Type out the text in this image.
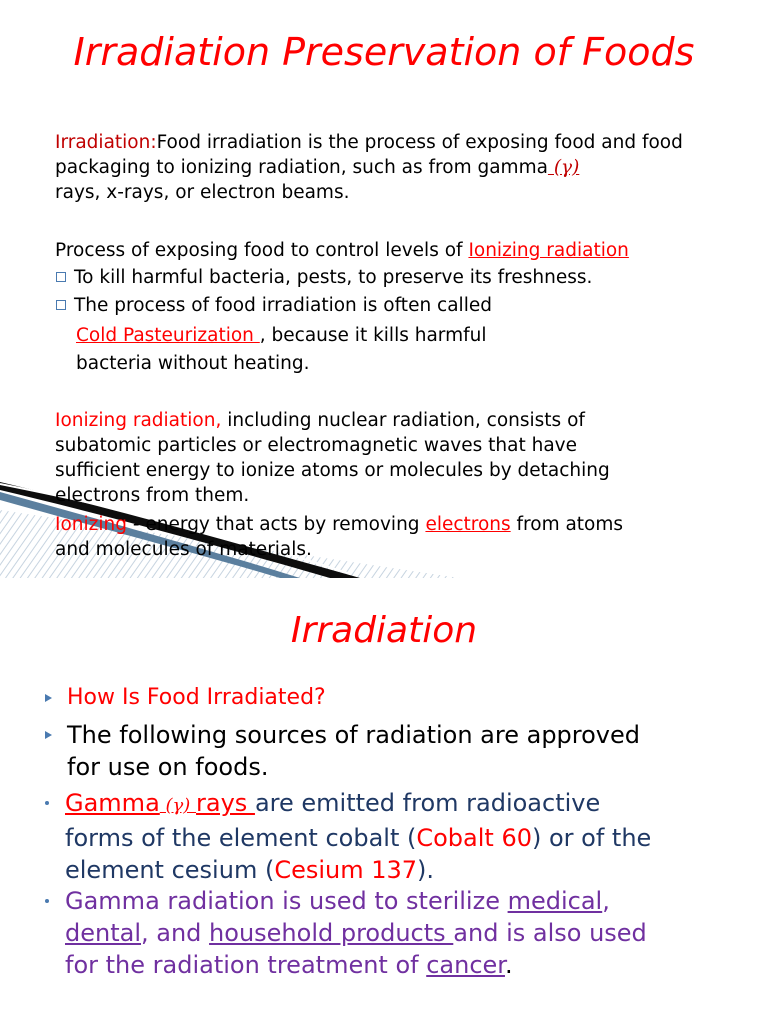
Irradiation Preservation of Foods

Irradiation:Food irradiation is the process of exposing food and food packaging to ionizing radiation, such as from gamma (γ)
rays, x-rays, or electron beams.

Process of exposing food to control levels of Ionizing radiation

To kill harmful bacteria, pests, to preserve its freshness.
The process of food irradiation is often called
Cold Pasteurization , because it kills harmful
bacteria without heating.

Ionizing radiation, including nuclear radiation, consists of
subatomic particles or electromagnetic waves that have
sufficient energy to ionize atoms or molecules by detaching
electrons from them.

Ionizing - energy that acts by removing electrons from atoms
and molecules of materials.

Irradiation
How Is Food Irradiated?
The following sources of radiation are approved
for use on foods.
Gamma (γ) rays are emitted from radioactive
forms of the element cobalt (Cobalt 60) or of the
element cesium (Cesium 137).
Gamma radiation is used to sterilize medical,
dental, and household products and is also used
for the radiation treatment of cancer.
